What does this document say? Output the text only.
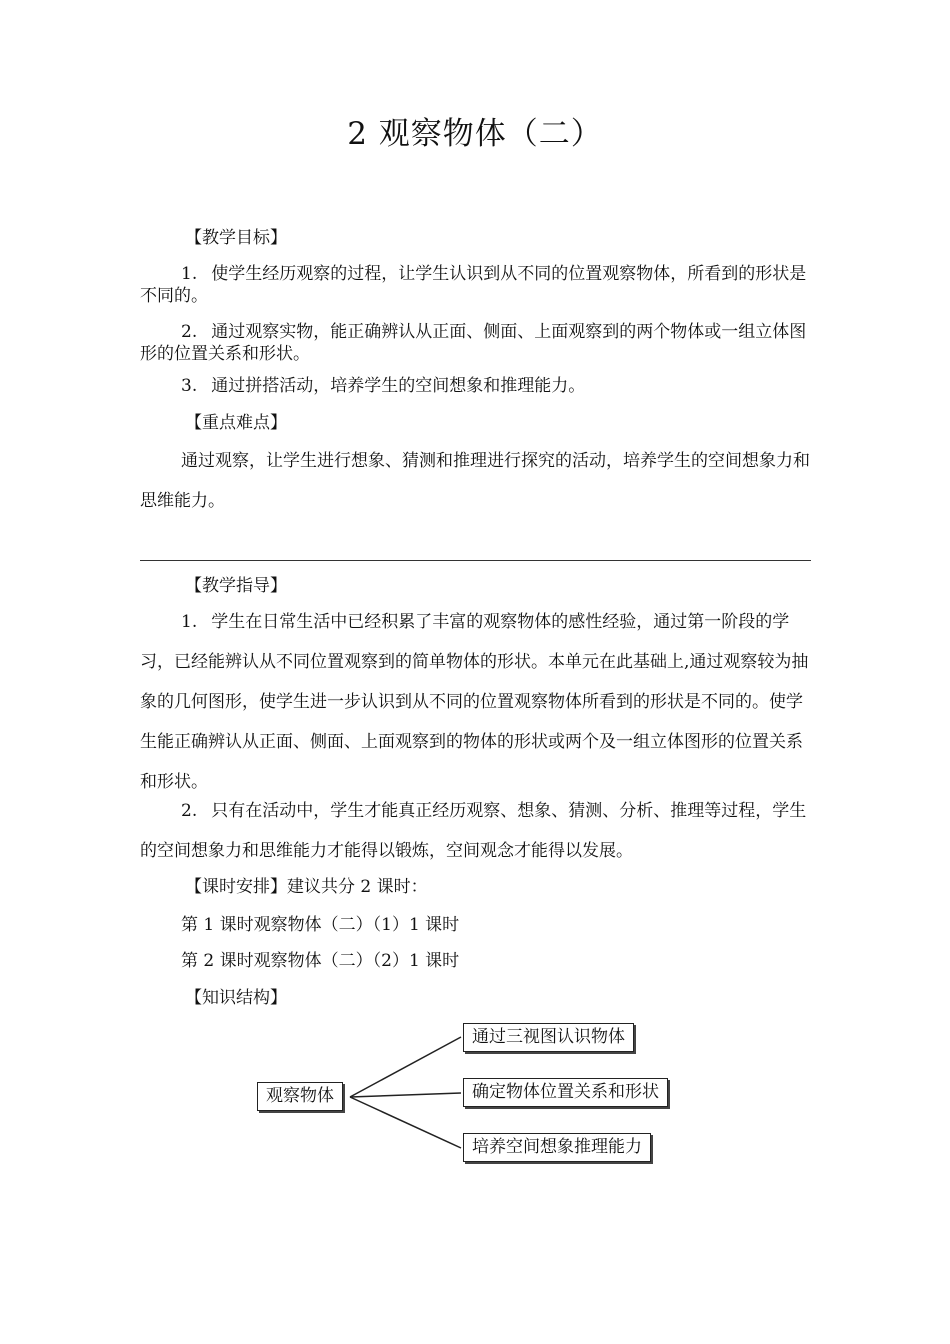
2 观察物体（二）
【教学目标】

1. 使学生经历观察的过程，让学生认识到从不同的位置观察物体，所看到的形状是不同的。

2. 通过观察实物，能正确辨认从正面、侧面、上面观察到的两个物体或一组立体图形的位置关系和形状。

3. 通过拼搭活动，培养学生的空间想象和推理能力。

【重点难点】

通过观察，让学生进行想象、猜测和推理进行探究的活动，培养学生的空间想象力和思维能力。

【教学指导】

1. 学生在日常生活中已经积累了丰富的观察物体的感性经验，通过第一阶段的学习，已经能辨认从不同位置观察到的简单物体的形状。本单元在此基础上,通过观察较为抽象的几何图形，使学生进一步认识到从不同的位置观察物体所看到的形状是不同的。使学生能正确辨认从正面、侧面、上面观察到的物体的形状或两个及一组立体图形的位置关系和形状。

2. 只有在活动中，学生才能真正经历观察、想象、猜测、分析、推理等过程，学生的空间想象力和思维能力才能得以锻炼，空间观念才能得以发展。

【课时安排】建议共分 2 课时：
第 1 课时观察物体（二）（1）1 课时
第 2 课时观察物体（二）（2）1 课时
【知识结构】
观察物体
通过三视图认识物体
确定物体位置关系和形状
培养空间想象推理能力
